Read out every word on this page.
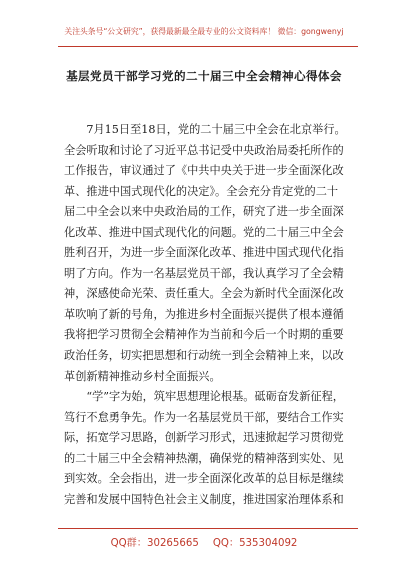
关注头条号“公文研究”，获得最新最全最专业的公文资料库！ 微信：gongwenyj
基层党员干部学习党的二十届三中全会精神心得体会
　　7月15日至18日，党的二十届三中全会在北京举行。
全会听取和讨论了习近平总书记受中央政治局委托所作的
工作报告，审议通过了《中共中央关于进一步全面深化改
革、推进中国式现代化的决定》。全会充分肯定党的二十
届二中全会以来中央政治局的工作，研究了进一步全面深
化改革、推进中国式现代化的问题。党的二十届三中全会
胜利召开，为进一步全面深化改革、推进中国式现代化指
明了方向。作为一名基层党员干部，我认真学习了全会精
神，深感使命光荣、责任重大。全会为新时代全面深化改
革吹响了新的号角，为推进乡村全面振兴提供了根本遵循
我将把学习贯彻全会精神作为当前和今后一个时期的重要
政治任务，切实把思想和行动统一到全会精神上来，以改
革创新精神推动乡村全面振兴。
　　“学”字为始，筑牢思想理论根基。砥砺奋发新征程，
笃行不怠勇争先。作为一名基层党员干部，要结合工作实
际，拓宽学习思路，创新学习形式，迅速掀起学习贯彻党
的二十届三中全会精神热潮，确保党的精神落到实处、见
到实效。全会指出，进一步全面深化改革的总目标是继续
完善和发展中国特色社会主义制度，推进国家治理体系和
QQ群：30265665 QQ：535304092
